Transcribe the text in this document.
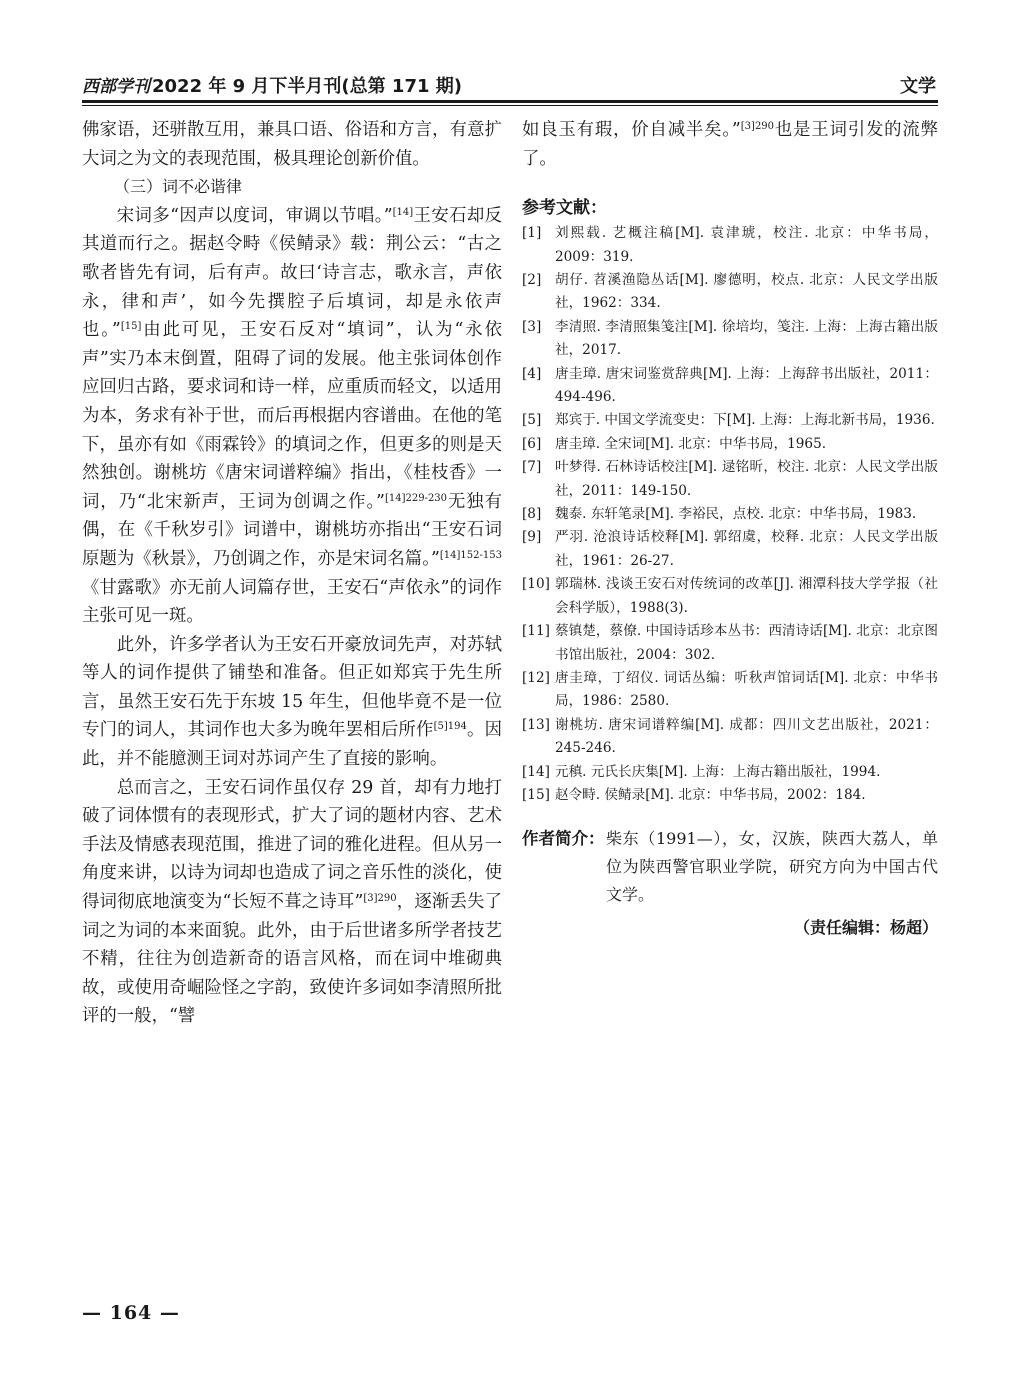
西部学刊 2022 年 9 月下半月刊(总第 171 期)	文学

佛家语，还骈散互用，兼具口语、俗语和方言，有意扩大词之为文的表现范围，极具理论创新价值。

（三）词不必谐律

宋词多“因声以度词，审调以节唱。”[14]王安石却反其道而行之。据赵令畤《侯鲭录》载：荆公云：“古之歌者皆先有词，后有声。故曰‘诗言志，歌永言，声依永，律和声’，如今先撰腔子后填词，却是永依声也。”[15]由此可见，王安石反对“填词”，认为“永依声”实乃本末倒置，阻碍了词的发展。他主张词体创作应回归古路，要求词和诗一样，应重质而轻文，以适用为本，务求有补于世，而后再根据内容谱曲。在他的笔下，虽亦有如《雨霖铃》的填词之作，但更多的则是天然独创。谢桃坊《唐宋词谱粹编》指出，《桂枝香》一词，乃“北宋新声，王词为创调之作。”$^{[14]229-230}$无独有偶，在《千秋岁引》词谱中，谢桃坊亦指出“王安石词原题为《秋景》，乃创调之作，亦是宋词名篇。”$^{[14]152-153}$《甘露歌》亦无前人词篇存世，王安石“声依永”的词作主张可见一斑。

此外，许多学者认为王安石开豪放词先声，对苏轼等人的词作提供了铺垫和准备。但正如郑宾于先生所言，虽然王安石先于东坡 15 年生，但他毕竟不是一位专门的词人，其词作也大多为晚年罢相后所作$^{[5]194}$。因此，并不能臆测王词对苏词产生了直接的影响。

总而言之，王安石词作虽仅存 29 首，却有力地打破了词体惯有的表现形式，扩大了词的题材内容、艺术手法及情感表现范围，推进了词的雅化进程。但从另一角度来讲，以诗为词却也造成了词之音乐性的淡化，使得词彻底地演变为“长短不葺之诗耳”$^{[3]290}$，逐渐丢失了词之为词的本来面貌。此外，由于后世诸多所学者技艺不精，往往为创造新奇的语言风格，而在词中堆砌典故，或使用奇崛险怪之字韵，致使许多词如李清照所批评的一般，“譬

如良玉有瑕，价自减半矣。”$^{[3]290}$也是王词引发的流弊了。

参考文献：
[1] 刘熙载. 艺概注稿[M]. 袁津琥，校注. 北京：中华书局，2009：319.
[2] 胡仔. 苕溪渔隐丛话[M]. 廖德明，校点. 北京：人民文学出版社，1962：334.
[3] 李清照. 李清照集笺注[M]. 徐培均，笺注. 上海：上海古籍出版社，2017.
[4] 唐圭璋. 唐宋词鉴赏辞典[M]. 上海：上海辞书出版社，2011：494-496.
[5] 郑宾于. 中国文学流变史：下[M]. 上海：上海北新书局，1936.
[6] 唐圭璋. 全宋词[M]. 北京：中华书局，1965.
[7] 叶梦得. 石林诗话校注[M]. 逯铭昕，校注. 北京：人民文学出版社，2011：149-150.
[8] 魏泰. 东轩笔录[M]. 李裕民，点校. 北京：中华书局，1983.
[9] 严羽. 沧浪诗话校释[M]. 郭绍虞，校释. 北京：人民文学出版社，1961：26-27.
[10] 郭瑞林. 浅谈王安石对传统词的改革[J]. 湘潭科技大学学报（社会科学版），1988(3).
[11] 蔡镇楚，蔡僚. 中国诗话珍本丛书：西清诗话[M]. 北京：北京图书馆出版社，2004：302.
[12] 唐圭璋，丁绍仪. 词话丛编：听秋声馆词话[M]. 北京：中华书局，1986：2580.
[13] 谢桃坊. 唐宋词谱粹编[M]. 成都：四川文艺出版社，2021：245-246.
[14] 元稹. 元氏长庆集[M]. 上海：上海古籍出版社，1994.
[15] 赵令畤. 侯鲭录[M]. 北京：中华书局，2002：184.
作者简介： 柴东（1991—），女，汉族，陕西大荔人，单位为陕西警官职业学院，研究方向为中国古代文学。
（责任编辑：杨超）
— 164 —
